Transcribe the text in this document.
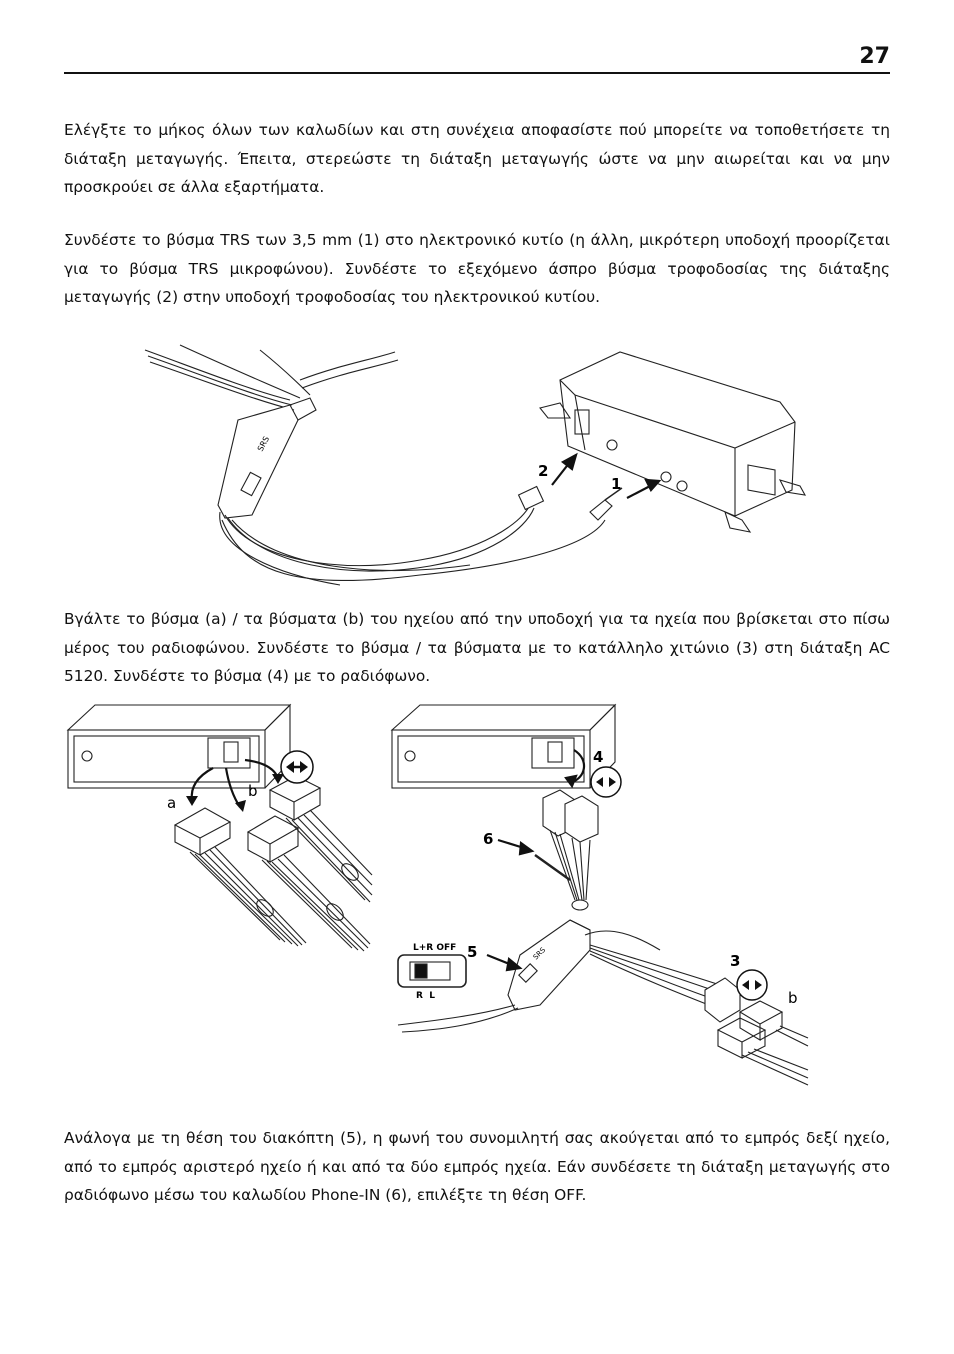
27

Ελέγξτε το μήκος όλων των καλωδίων και στη συνέχεια αποφασίστε πού μπορείτε να τοποθετήσετε τη διάταξη μεταγωγής. Έπειτα, στερεώστε τη διάταξη μεταγωγής ώστε να μην αιωρείται και να μην προσκρούει σε άλλα εξαρτήματα.

Συνδέστε το βύσμα TRS των 3,5 mm (1) στο ηλεκτρονικό κυτίο (η άλλη, μικρότερη υποδοχή προορίζεται για το βύσμα TRS μικροφώνου). Συνδέστε το εξεχόμενο άσπρο βύσμα τροφοδοσίας της διάταξης μεταγωγής (2) στην υποδοχή τροφοδοσίας του ηλεκτρονικού κυτίου.

2
1
SRS

Βγάλτε το βύσμα (a) / τα βύσματα (b) του ηχείου από την υποδοχή για τα ηχεία που βρίσκεται στο πίσω μέρος του ραδιοφώνου. Συνδέστε το βύσμα / τα βύσματα με το κατάλληλο χιτώνιο (3) στη διάταξη AC 5120. Συνδέστε το βύσμα (4) με το ραδιόφωνο.

a
b
4
6
5	3
b
L+R OFF
R  L
SRS

Ανάλογα με τη θέση του διακόπτη (5), η φωνή του συνομιλητή σας ακούγεται από το εμπρός δεξί ηχείο, από το εμπρός αριστερό ηχείο ή και από τα δύο εμπρός ηχεία. Εάν συνδέσετε τη διάταξη μεταγωγής στο ραδιόφωνο μέσω του καλωδίου Phone-IN (6), επιλέξτε τη θέση OFF.
